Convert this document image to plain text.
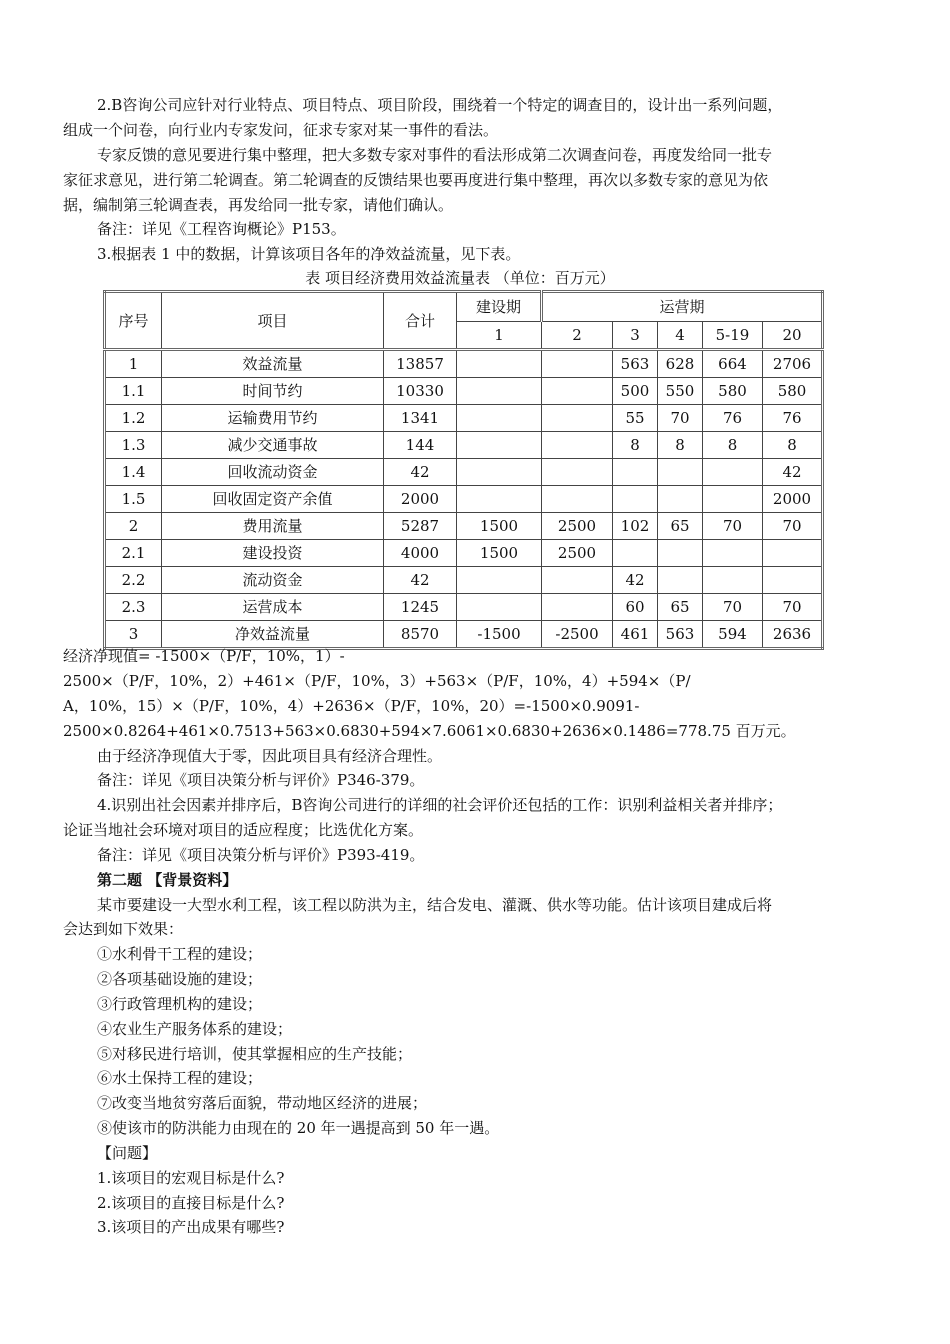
2.B咨询公司应针对行业特点、项目特点、项目阶段，围绕着一个特定的调查目的，设计出一系列问题，
组成一个问卷，向行业内专家发问，征求专家对某一事件的看法。
专家反馈的意见要进行集中整理，把大多数专家对事件的看法形成第二次调查问卷，再度发给同一批专
家征求意见，进行第二轮调查。第二轮调查的反馈结果也要再度进行集中整理，再次以多数专家的意见为依
据，编制第三轮调查表，再发给同一批专家，请他们确认。
备注：详见《工程咨询概论》P153。
3.根据表 1 中的数据，计算该项目各年的净效益流量，见下表。
表 项目经济费用效益流量表 （单位：百万元）
序号	项目	合计	建设期	运营期				
			1	2	3	4	5-19	20
1	效益流量	13857			563	628	664	2706
1.1	时间节约	10330			500	550	580	580
1.2	运输费用节约	1341			55	70	76	76
1.3	减少交通事故	144			8	8	8	8
1.4	回收流动资金	42						42
1.5	回收固定资产余值	2000						2000
2	费用流量	5287	1500	2500	102	65	70	70
2.1	建设投资	4000	1500	2500				
2.2	流动资金	42			42			
2.3	运营成本	1245			60	65	70	70
3	净效益流量	8570	-1500	-2500	461	563	594	2636
经济净现值= -1500×（P/F，10%，1）-
2500×（P/F，10%，2）+461×（P/F，10%，3）+563×（P/F，10%，4）+594×（P/
A，10%，15）×（P/F，10%，4）+2636×（P/F，10%，20）=-1500×0.9091-
2500×0.8264+461×0.7513+563×0.6830+594×7.6061×0.6830+2636×0.1486=778.75 百万元。
由于经济净现值大于零，因此项目具有经济合理性。
备注：详见《项目决策分析与评价》P346-379。
4.识别出社会因素并排序后，B咨询公司进行的详细的社会评价还包括的工作：识别利益相关者并排序；
论证当地社会环境对项目的适应程度；比选优化方案。
备注：详见《项目决策分析与评价》P393-419。
第二题 【背景资料】
某市要建设一大型水利工程，该工程以防洪为主，结合发电、灌溉、供水等功能。估计该项目建成后将
会达到如下效果：
①水利骨干工程的建设；
②各项基础设施的建设；
③行政管理机构的建设；
④农业生产服务体系的建设；
⑤对移民进行培训，使其掌握相应的生产技能；
⑥水土保持工程的建设；
⑦改变当地贫穷落后面貌，带动地区经济的进展；
⑧使该市的防洪能力由现在的 20 年一遇提高到 50 年一遇。
【问题】
1.该项目的宏观目标是什么?
2.该项目的直接目标是什么?
3.该项目的产出成果有哪些?
